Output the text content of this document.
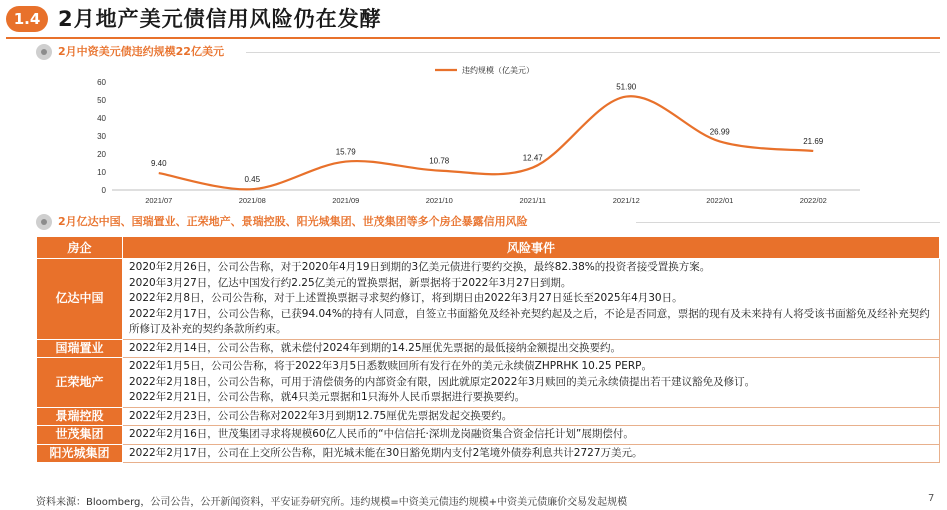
1.4 2月地产美元债信用风险仍在发酵
2月中资美元债违约规模22亿美元
0
10
20
30
40
50
60
2021/07	2021/08	2021/09	2021/10	2021/11	2021/12	2022/01	2022/02
9.40
0.45
15.79
10.78	12.47
51.90
26.99
21.69
违约规模（亿美元）
2月亿达中国、国瑞置业、正荣地产、景瑞控股、阳光城集团、世茂集团等多个房企暴露信用风险
房企	风险事件
亿达中国	2020年2月26日，公司公告称，对于2020年4月19日到期的3亿美元债进行要约交换，最终82.38%的投资者接受置换方案。
2020年3月27日，亿达中国发行约2.25亿美元的置换票据，新票据将于2022年3月27日到期。
2022年2月8日，公司公告称，对于上述置换票据寻求契约修订，将到期日由2022年3月27日延长至2025年4月30日。
2022年2月17日，公司公告称，已获94.04%的持有人同意，自签立书面豁免及经补充契约起及之后，不论是否同意，票据的现有及未来持有人将受该书面豁免及经补充契约所修订及补充的契约条款所约束。

国瑞置业	2022年2月14日，公司公告称，就未偿付2024年到期的14.25厘优先票据的最低接纳金额提出交换要约。

正荣地产	2022年1月5日，公司公告称，将于2022年3月5日悉数赎回所有发行在外的美元永续债ZHPRHK 10.25 PERP。
2022年2月18日，公司公告称，可用于清偿债务的内部资金有限，因此就原定2022年3月赎回的美元永续债提出若干建议豁免及修订。
2022年2月21日，公司公告称，就4只美元票据和1只海外人民币票据进行要换要约。

景瑞控股	2022年2月23日，公司公告称对2022年3月到期12.75厘优先票据发起交换要约。

世茂集团	2022年2月16日，世茂集团寻求将规模60亿人民币的“中信信托·深圳龙岗融资集合资金信托计划”展期偿付。

阳光城集团	2022年2月17日，公司在上交所公告称，阳光城未能在30日豁免期内支付2笔境外债券利息共计2727万美元。
资料来源：Bloomberg，公司公告，公开新闻资料，平安证券研究所。违约规模=中资美元债违约规模+中资美元债廉价交易发起规模	7
